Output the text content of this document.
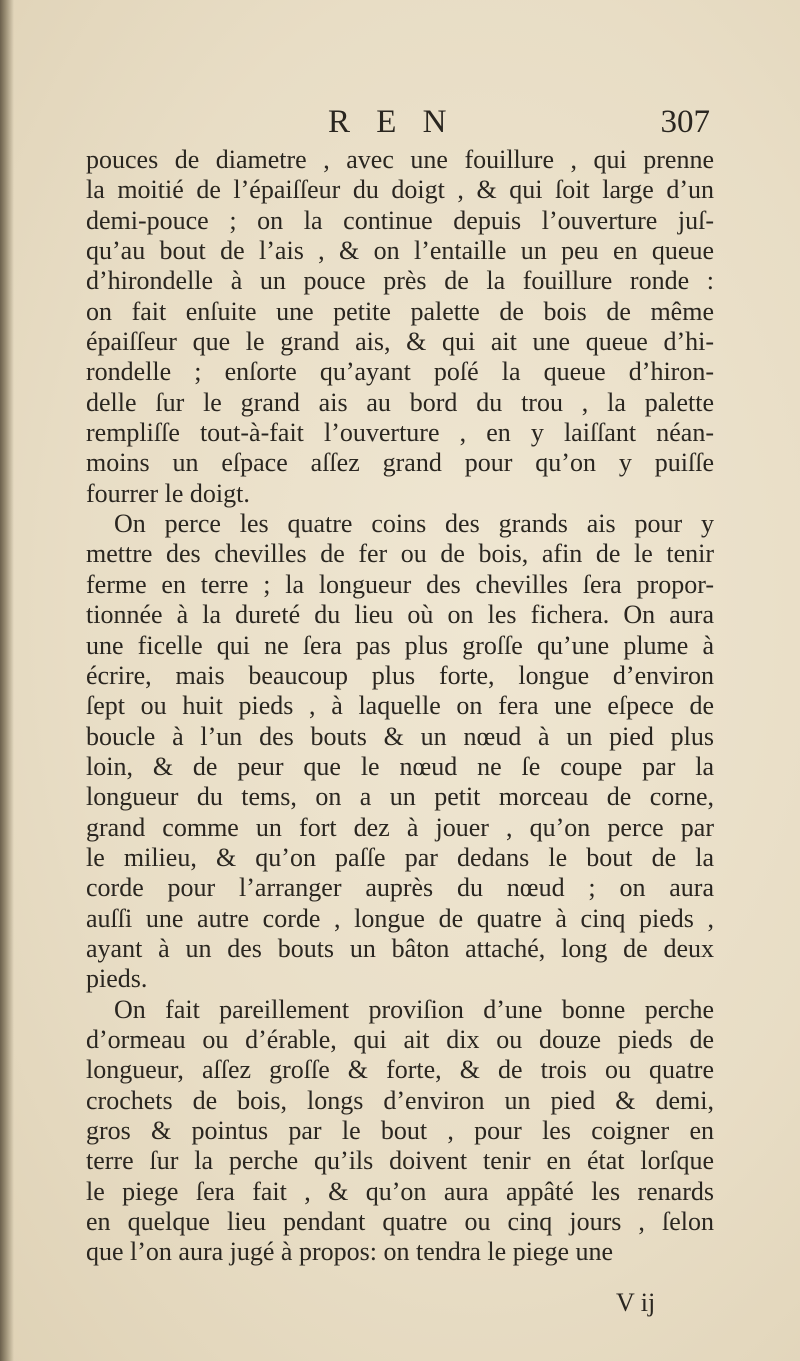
R E N	307
pouces de diametre , avec une fouillure , qui prenne
la moitié de l’épaiſſeur du doigt , & qui ſoit large d’un
demi-pouce ; on la continue depuis l’ouverture juſ-
qu’au bout de l’ais , & on l’entaille un peu en queue
d’hirondelle à un pouce près de la fouillure ronde :
on fait enſuite une petite palette de bois de même
épaiſſeur que le grand ais, & qui ait une queue d’hi-
rondelle ; enſorte qu’ayant poſé la queue d’hiron-
delle ſur le grand ais au bord du trou , la palette
rempliſſe tout-à-fait l’ouverture , en y laiſſant néan-
moins un eſpace aſſez grand pour qu’on y puiſſe
fourrer le doigt.
On perce les quatre coins des grands ais pour y
mettre des chevilles de fer ou de bois, afin de le tenir
ferme en terre ; la longueur des chevilles ſera propor-
tionnée à la dureté du lieu où on les fichera. On aura
une ficelle qui ne ſera pas plus groſſe qu’une plume à
écrire, mais beaucoup plus forte, longue d’environ
ſept ou huit pieds , à laquelle on fera une eſpece de
boucle à l’un des bouts & un nœud à un pied plus
loin, & de peur que le nœud ne ſe coupe par la
longueur du tems, on a un petit morceau de corne,
grand comme un fort dez à jouer , qu’on perce par
le milieu, & qu’on paſſe par dedans le bout de la
corde pour l’arranger auprès du nœud ; on aura
auſſi une autre corde , longue de quatre à cinq pieds ,
ayant à un des bouts un bâton attaché, long de deux
pieds.
On fait pareillement proviſion d’une bonne perche
d’ormeau ou d’érable, qui ait dix ou douze pieds de
longueur, aſſez groſſe & forte, & de trois ou quatre
crochets de bois, longs d’environ un pied & demi,
gros & pointus par le bout , pour les coigner en
terre ſur la perche qu’ils doivent tenir en état lorſque
le piege ſera fait , & qu’on aura appâté les renards
en quelque lieu pendant quatre ou cinq jours , ſelon
que l’on aura jugé à propos: on tendra le piege une
V ij
